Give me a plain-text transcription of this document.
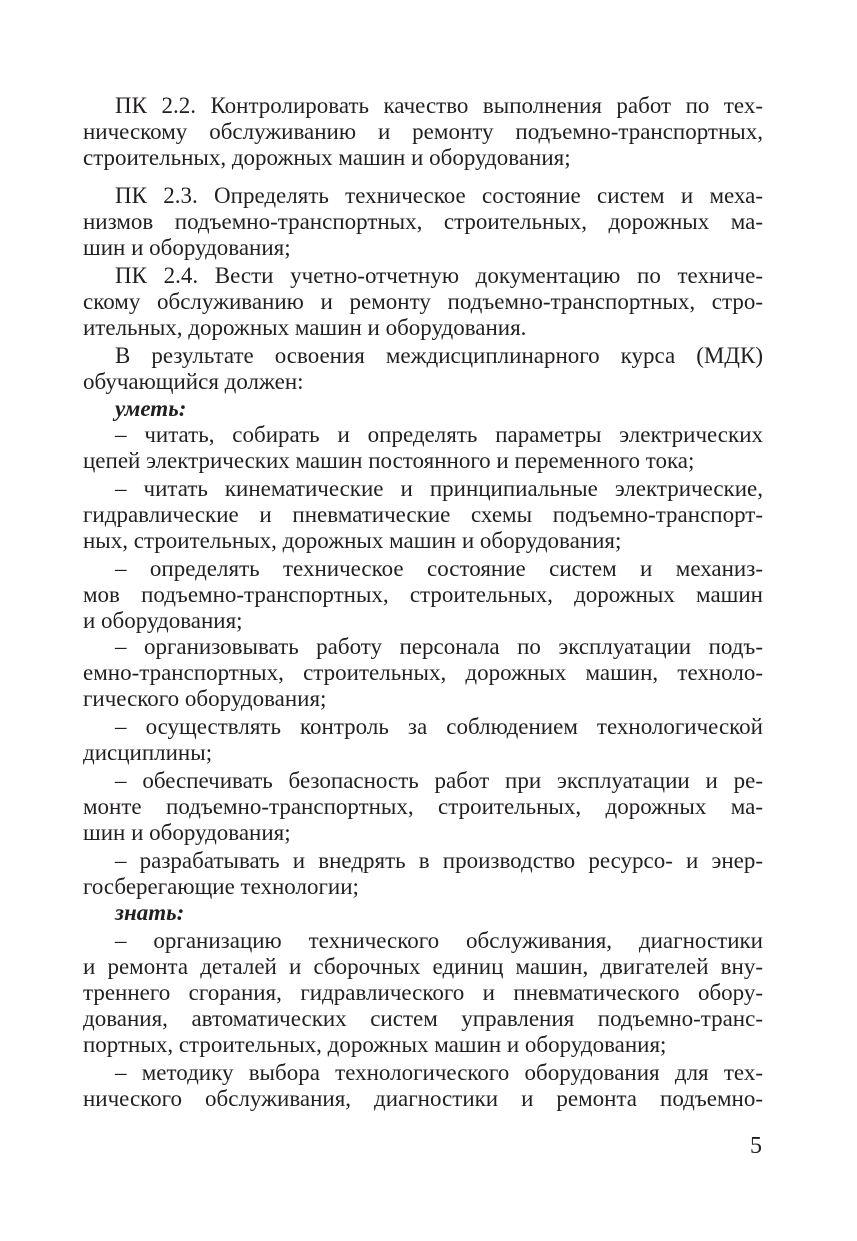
ПК 2.2. Контролировать качество выполнения работ по тех-
ническому обслуживанию и ремонту подъемно-транспортных,
строительных, дорожных машин и оборудования;
ПК 2.3. Определять техническое состояние систем и меха-
низмов подъемно-транспортных, строительных, дорожных ма-
шин и оборудования;
ПК 2.4. Вести учетно-отчетную документацию по техниче-
скому обслуживанию и ремонту подъемно-транспортных, стро-
ительных, дорожных машин и оборудования.
В результате освоения междисциплинарного курса (МДК)
обучающийся должен:
уметь:
– читать, собирать и определять параметры электрических
цепей электрических машин постоянного и переменного тока;
– читать кинематические и принципиальные электрические,
гидравлические и пневматические схемы подъемно-транспорт-
ных, строительных, дорожных машин и оборудования;
– определять техническое состояние систем и механиз-
мов подъемно-транспортных, строительных, дорожных машин
и оборудования;
– организовывать работу персонала по эксплуатации подъ-
емно-транспортных, строительных, дорожных машин, техноло-
гического оборудования;
– осуществлять контроль за соблюдением технологической
дисциплины;
– обеспечивать безопасность работ при эксплуатации и ре-
монте подъемно-транспортных, строительных, дорожных ма-
шин и оборудования;
– разрабатывать и внедрять в производство ресурсо- и энер-
госберегающие технологии;
знать:
– организацию технического обслуживания, диагностики
и ремонта деталей и сборочных единиц машин, двигателей вну-
треннего сгорания, гидравлического и пневматического обору-
дования, автоматических систем управления подъемно-транс-
портных, строительных, дорожных машин и оборудования;
– методику выбора технологического оборудования для тех-
нического обслуживания, диагностики и ремонта подъемно-
5
